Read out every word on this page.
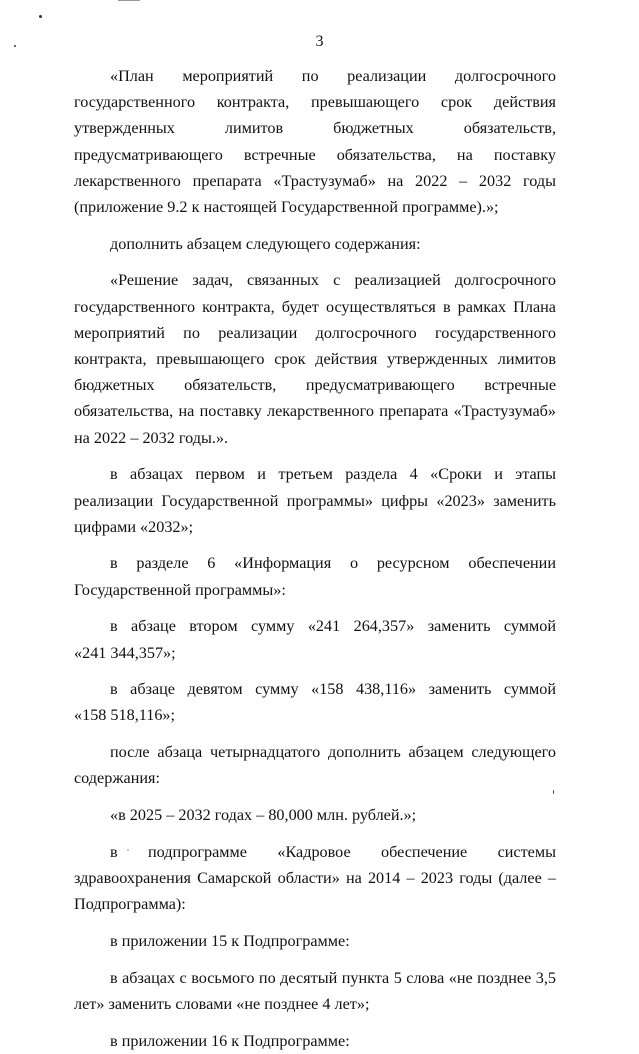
3

«План мероприятий по реализации долгосрочного государственного контракта, превышающего срок действия утвержденных лимитов бюджетных обязательств, предусматривающего встречные обязательства, на поставку лекарственного препарата «Трастузумаб» на 2022 – 2032 годы (приложение 9.2 к настоящей Государственной программе).»;

дополнить абзацем следующего содержания:

«Решение задач, связанных с реализацией долгосрочного государственного контракта, будет осуществляться в рамках Плана мероприятий по реализации долгосрочного государственного контракта, превышающего срок действия утвержденных лимитов бюджетных обязательств, предусматривающего встречные обязательства, на поставку лекарственного препарата «Трастузумаб» на 2022 – 2032 годы.».

в абзацах первом и третьем раздела 4 «Сроки и этапы реализации Государственной программы» цифры «2023» заменить цифрами «2032»;

в разделе 6 «Информация о ресурсном обеспечении Государственной программы»:

в абзаце втором сумму «241 264,357» заменить суммой

«241 344,357»;

в абзаце девятом сумму «158 438,116» заменить суммой

«158 518,116»;

после абзаца четырнадцатого дополнить абзацем следующего

содержания:

«в 2025 – 2032 годах – 80,000 млн. рублей.»;

в подпрограмме «Кадровое обеспечение системы здравоохранения Самарской области» на 2014 – 2023 годы (далее – Подпрограмма):

в приложении 15 к Подпрограмме:

в абзацах с восьмого по десятый пункта 5 слова «не позднее 3,5 лет» заменить словами «не позднее 4 лет»;

в приложении 16 к Подпрограмме:
